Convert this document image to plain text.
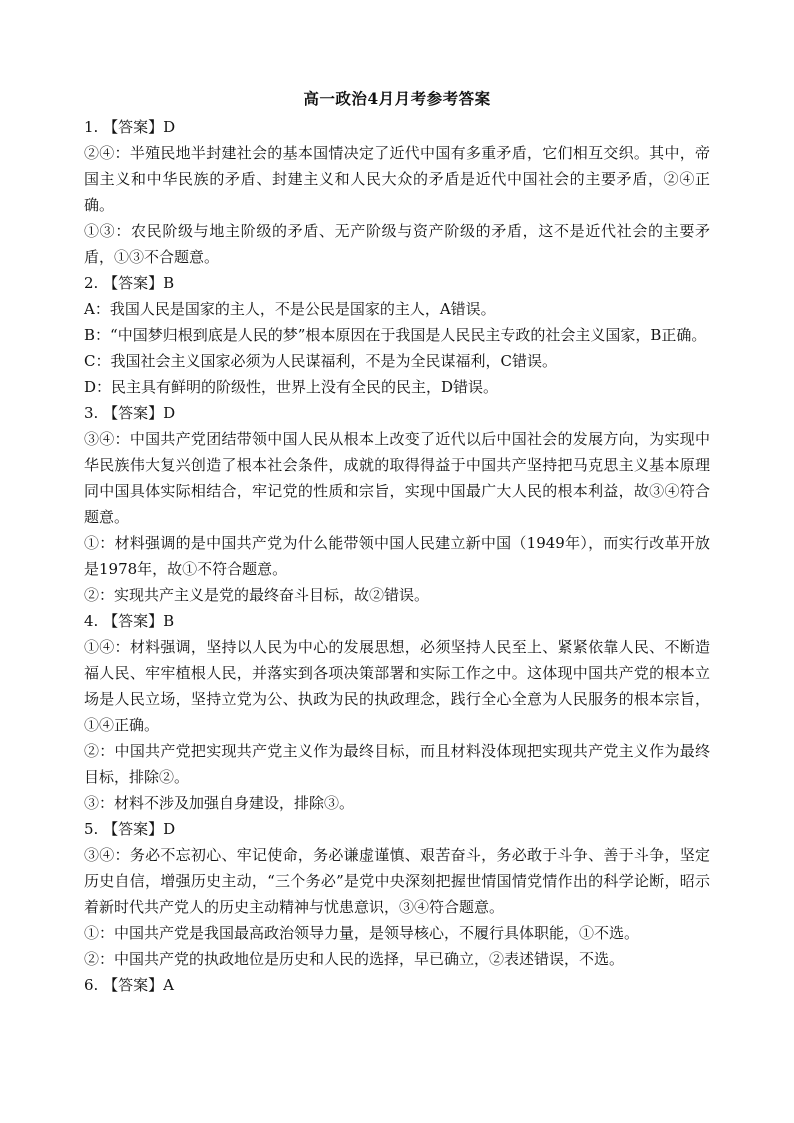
高一政治4月月考参考答案
1. 【答案】D
②④：半殖民地半封建社会的基本国情决定了近代中国有多重矛盾，它们相互交织。其中，帝国主义和中华民族的矛盾、封建主义和人民大众的矛盾是近代中国社会的主要矛盾，②④正确。
①③：农民阶级与地主阶级的矛盾、无产阶级与资产阶级的矛盾，这不是近代社会的主要矛盾，①③不合题意。
2. 【答案】B
A：我国人民是国家的主人，不是公民是国家的主人，A错误。
B：“中国梦归根到底是人民的梦”根本原因在于我国是人民民主专政的社会主义国家，B正确。
C：我国社会主义国家必须为人民谋福利，不是为全民谋福利，C错误。
D：民主具有鲜明的阶级性，世界上没有全民的民主，D错误。
3. 【答案】D
③④：中国共产党团结带领中国人民从根本上改变了近代以后中国社会的发展方向，为实现中华民族伟大复兴创造了根本社会条件，成就的取得得益于中国共产坚持把马克思主义基本原理同中国具体实际相结合，牢记党的性质和宗旨，实现中国最广大人民的根本利益，故③④符合题意。
①：材料强调的是中国共产党为什么能带领中国人民建立新中国（1949年），而实行改革开放是1978年，故①不符合题意。
②：实现共产主义是党的最终奋斗目标，故②错误。
4. 【答案】B
①④：材料强调，坚持以人民为中心的发展思想，必须坚持人民至上、紧紧依靠人民、不断造福人民、牢牢植根人民，并落实到各项决策部署和实际工作之中。这体现中国共产党的根本立场是人民立场，坚持立党为公、执政为民的执政理念，践行全心全意为人民服务的根本宗旨，①④正确。
②：中国共产党把实现共产党主义作为最终目标，而且材料没体现把实现共产党主义作为最终目标，排除②。
③：材料不涉及加强自身建设，排除③。
5. 【答案】D
③④：务必不忘初心、牢记使命，务必谦虚谨慎、艰苦奋斗，务必敢于斗争、善于斗争，坚定历史自信，增强历史主动，“三个务必”是党中央深刻把握世情国情党情作出的科学论断，昭示着新时代共产党人的历史主动精神与忧患意识，③④符合题意。
①：中国共产党是我国最高政治领导力量，是领导核心，不履行具体职能，①不选。
②：中国共产党的执政地位是历史和人民的选择，早已确立，②表述错误，不选。
6. 【答案】A
